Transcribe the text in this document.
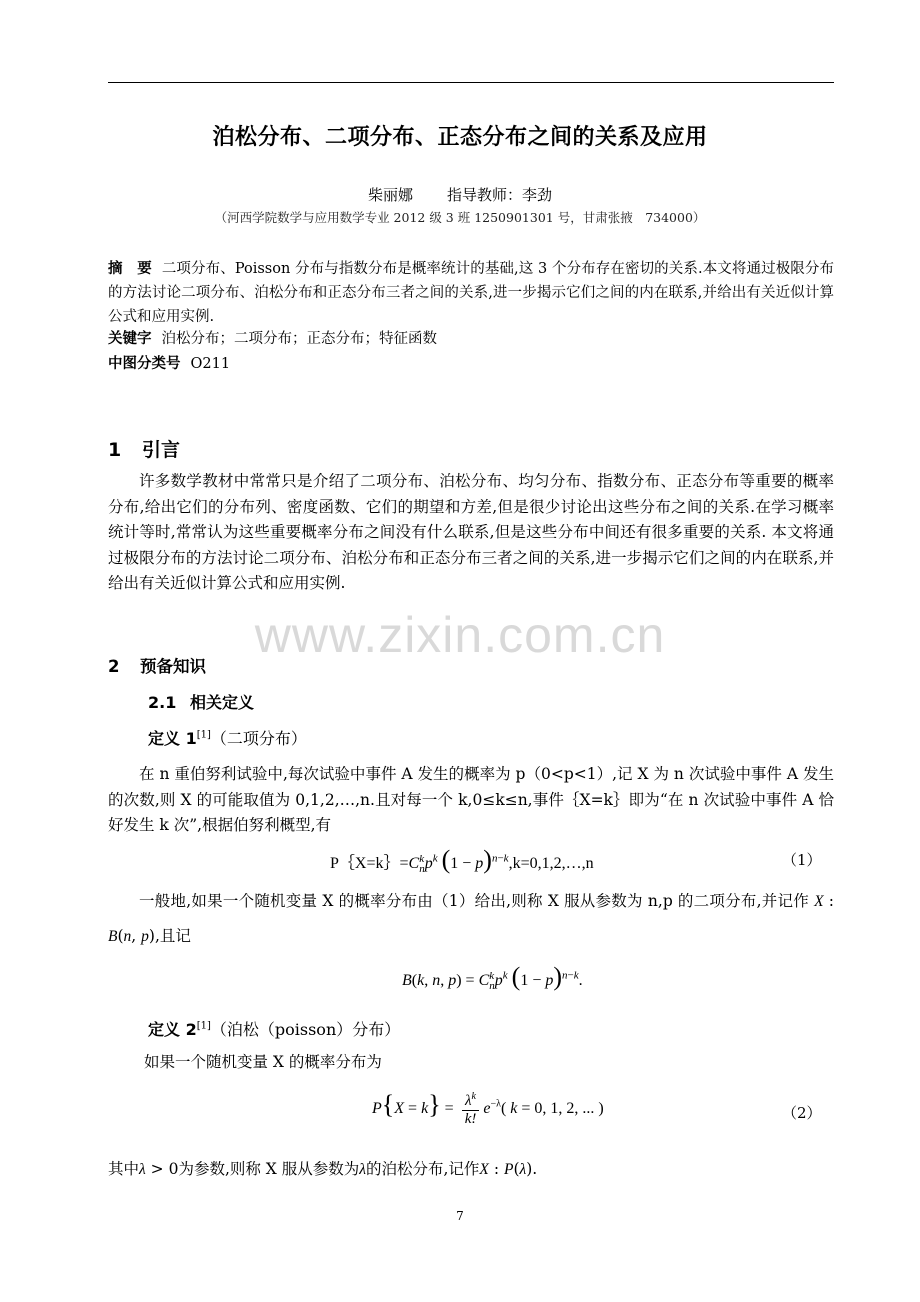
泊松分布、二项分布、正态分布之间的关系及应用
柴丽娜 指导教师：李劲
（河西学院数学与应用数学专业 2012 级 3 班 1250901301 号，甘肃张掖　734000）
摘　要 二项分布、Poisson 分布与指数分布是概率统计的基础,这 3 个分布存在密切的关系.本文将通过极限分布的方法讨论二项分布、泊松分布和正态分布三者之间的关系,进一步揭示它们之间的内在联系,并给出有关近似计算公式和应用实例.
关键字 泊松分布；二项分布；正态分布；特征函数
中图分类号 O211
1 引言
许多数学教材中常常只是介绍了二项分布、泊松分布、均匀分布、指数分布、正态分布等重要的概率分布,给出它们的分布列、密度函数、它们的期望和方差,但是很少讨论出这些分布之间的关系.在学习概率统计等时,常常认为这些重要概率分布之间没有什么联系,但是这些分布中间还有很多重要的关系. 本文将通过极限分布的方法讨论二项分布、泊松分布和正态分布三者之间的关系,进一步揭示它们之间的内在联系,并给出有关近似计算公式和应用实例.
www.zixin.com.cn
2 预备知识
2.1 相关定义
定义 1[1]（二项分布）
在 n 重伯努利试验中,每次试验中事件 A 发生的概率为 p（0<p<1）,记 X 为 n 次试验中事件 A 发生的次数,则 X 的可能取值为 0,1,2,…,n.且对每一个 k,0≤k≤n,事件｛X=k｝即为“在 n 次试验中事件 A 恰好发生 k 次”,根据伯努利概型,有
P｛X=k｝=C k
n $p^k$ $(1 - p)^{n-k},k=0,1,2,\dots,n$	（1）
一般地,如果一个随机变量 X 的概率分布由（1）给出,则称 X 服从参数为 n,p 的二项分布,并记作 X : B(n, p),且记
B(k, n, p) = C k
n $p^k$ $(1 - p)^{n-k}$.
定义 2[1]（泊松（poisson）分布）
如果一个随机变量 X 的概率分布为
$P\{X = k\} = \frac{\lambda^k}{k!} e^{-\lambda}$( k = 0, 1, 2, ... )	（2）
其中λ > 0为参数,则称 X 服从参数为λ的泊松分布,记作X : P(λ).
7
